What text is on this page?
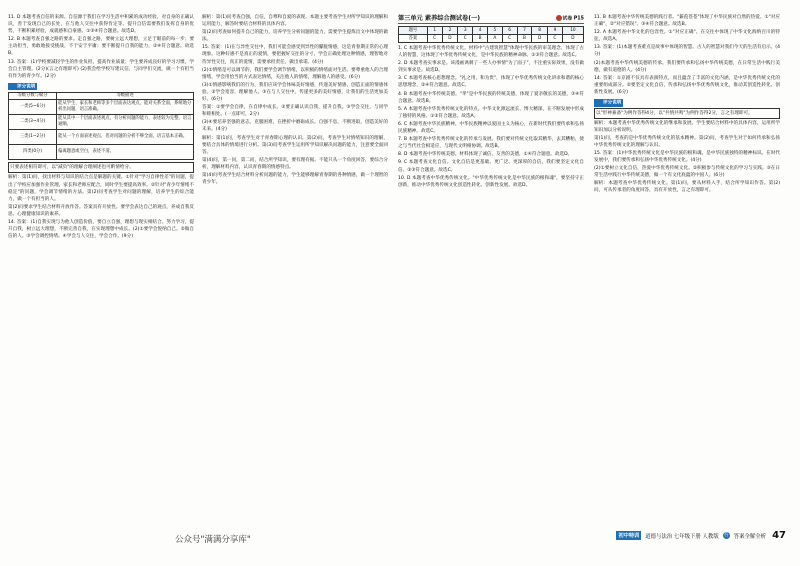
11. D 本题考查自信的来源。自信源于我们在学习生活中积累的成功经验，对自身的正确认识，善于发现自己的长处，在与他人交往中获得肯定等。提升自信需要我们发挥自身的优势，不断积累经验，成就感和自豪感。①③④符合题意。故选D。

12. B 本题考查自强之路的要求。走自强之路，要树立远大理想，立足于眼前的每一步；要主动担当，勇敢地接受挑战，不于安于平庸；要不断提升自我的能力，②④符合题意。故选B。

13. 答案：(1)学校要减轻学生的作业负担，提高作业质量；学生要养成良好的学习习惯，学会自主管理。(2分)(言之有理即可) (2)我会给学校写建议信，与同学们交流，做一个有担当有作为的青少年。(2分)

评分说明
等级分数与赋分	等级描述
一类(5~6分)	能从学生、家长和老师等多个层面表达观点，能对关系全面，系统地分析出问题，语言准确。
二类(3~4分)	能从其中一个层面表述观点，有分析问题的能力，表述较为完整，语言通顺。
三类(1~2分)	能从一个方面表述观点，但对问题的分析不够全面，语言基本正确。
四类(0分)	偏离题意或空白，表述不清。

只要表述相符即可，以"减负"的理解合理阐述也可酌情给分。

解析：第(1)问，找出材料与知识的结合点是解题的关键。①针对"学习自律性差"的问题，提出了学校应加强作业管理，家长和老师应配合，同时学生要提高效率。②针对"青少年情绪不稳定"的问题，学会调节情绪的方法。第(2)问考查学生对问题的理解，培养学生的综合能力，做一个有担当的人。

第(2)问要求学生结合材料开放作答。答案具有开放性。要学会表达自己的观点，养成自我反思、心理健康知识的素养。

14. 答案：(1)自我实现与为他人创造价值，要自立自强，理想与现实相结合。努力学习，提升自我，树立远大理想，不断完善自我，在实现理想中成长。(2)①要学会悦纳自己。②做自信的人。③学会调控情绪。④学会与人交往，学会合作。(9分)

解析：第(1)问考查自强，自信，自尊和自爱的表现。本题主要考查学生对所学知识的理解和运用能力，解答时要结合材料的具体内容。

第(2)问考查如何提升自己的能力，培养学生分析问题的能力，需要学生提炼出文中体现的做法。

15. 答案：(1)在与异性交往中，我们可能会感受到异性的朦胧情感，这是青春期正常的心理现象。这种好感不是真正的爱情，要把握好交往的分寸，学会正确处理这种情感，理智地对待异性交往，真正的爱情，需要承担责任，做出承诺。(4分)

(2)①情绪是可以调节的，我们要学会调节情绪，以积极的情绪面对生活。要尊重他人的合理情绪，学会用恰当的方式表达情绪，关注他人的情绪，理解他人的感受。(6分)

(3)①情感影响我们的行为，我们应该学会体味美好情感，传递美好情感，创造正面的情感体验。②学会宽容，理解他人。③在与人交往中，传递更多的美好情感，让我们的生活更加美好。(6分)

答案：①要学会自律，在自律中成长。②要正确认识自我，提升自我。③学会交往，与同学和睦相处。(一点即可，2分)

(3)④要培养坚强的意志，克服困难，在挫折中磨砺成长。自强不息，不断进取，创造美好的未来。(4分)

解析：第(1)问，考查学生对于青春期心理的认识。第(2)问，考查学生对情绪知识的理解，要结合具体的情境进行分析。第(3)问考查学生运用所学知识解决问题的能力，注意要全面回答。

第(4)问，第一问，第二问，结合所学知识，要有理有据。不能只从一个角度回答，要综合分析，理解材料内容，认识青春期的情感特点。

第(4)问考查学生结合材料分析问题的能力，学生能够理解青春期的各种情感，做一个理智的青少年。

第三单元 素养综合测试卷(一)	试卷 P15
题号	1	2	3	4	5	6	7	8	9	10
答案	C	D	C	B	A	C	B	D	C	D

1. C 本题考查中华优秀传统文化。材料中"古建筑智慧"体现中华民族的审美理念，体现了古人的智慧，这体现了中华优秀传统文化，是中华民族的精神命脉。①③符合题意。故选C。

2. D 本题考查实事求是。该漫画讽刺了一些人办事情"为了面子"，不注重实际效果，没有做到实事求是。故选D。

3. C 本题考查核心思想理念。"礼之用，和为贵"，体现了中华优秀传统文化讲求和谐的核心思想理念，②④符合题意。故选C。

4. B 本题考查中华传统美德。"孝"是中华民族的传统美德，体现了爱亲敬长的美德，③④符合题意。故选B。

5. A 本题考查中华优秀传统文化的特点。中华文化源远流长、博大精深，在不断发展中形成了独特的风格。①②符合题意。故选A。

6. C 本题考查中华民族精神。中华民族精神以爱国主义为核心，在新时代我们要传承和弘扬民族精神。故选C。

7. B 本题考查中华优秀传统文化的传承与发展。我们要对传统文化取其精华，去其糟粕，使之与当代社会相适应，与现代文明相协调。故选B。

8. D 本题考查中华传统美德。材料体现了诚信、友善的美德，①④符合题意。故选D。

9. C 本题考查文化自信。文化自信是更基础、更广泛、更深厚的自信，我们要坚定文化自信。②③符合题意。故选C。

10. D 本题考查中华优秀传统文化。"中华优秀传统文化是中华民族的根和魂"，要坚持守正创新，推动中华优秀传统文化创造性转化、创新性发展。故选D。

11. B 本题考查中华传统美德的践行者。"蒹葭苍苍"体现了中华民族对自然的热爱。①"对应正确"，②"对应错误"。③④符合题意。故选B。

12. A 本题考查中华文化的包容性。①"对应正确"。在交往中体现了中华文化海纳百川的特征，故选A。

13. 答案：(1)本题考查难点是故事中体现的智慧。古人的智慧对我们今天的生活有启示。(4分)

(2)本题考查中华传统美德的传承。我们要传承和弘扬中华传统美德，在日常生活中践行美德，做有道德的人。(4分)

14. 答案：①京剧不仅具有表演特点，而且蕴含了丰富的文化内涵，是中华优秀传统文化的重要组成部分。②要坚定文化自信，传承和弘扬中华优秀传统文化，推动其创造性转化、创新性发展。(6分)

评分说明

以"形神兼备"为例作答得4分，以"共情共鸣"为例作答得2分，言之有理即可。

解析：本题考查中华优秀传统文化的继承和发展。学生要结合材料中的具体内容，运用所学知识加以分析说明。

第(1)问，考查的是中华优秀传统文化的基本精神。第(2)问，考查学生对于如何传承和弘扬中华优秀传统文化的理解与认识。

15. 答案：(1)中华优秀传统文化是中华民族的根和魂，是中华民族独特的精神标识。在时代发展中，我们要传承和弘扬中华优秀传统文化。(4分)

(2)①要树立文化自信，热爱中华优秀传统文化。②积极参与传统文化的学习与实践。③在日常生活中践行中华传统美德，做一个有文化底蕴的中国人。(6分)

解析：本题考查中华优秀传统文化。第(1)问，要从材料入手，结合所学知识作答。第(2)问，可从传承者的角度回答，具有开放性，言之有理即可。

公众号"满满分享库"	初中特训	道德与法治 七年级下册 人教版 答 答案全解全析 47
